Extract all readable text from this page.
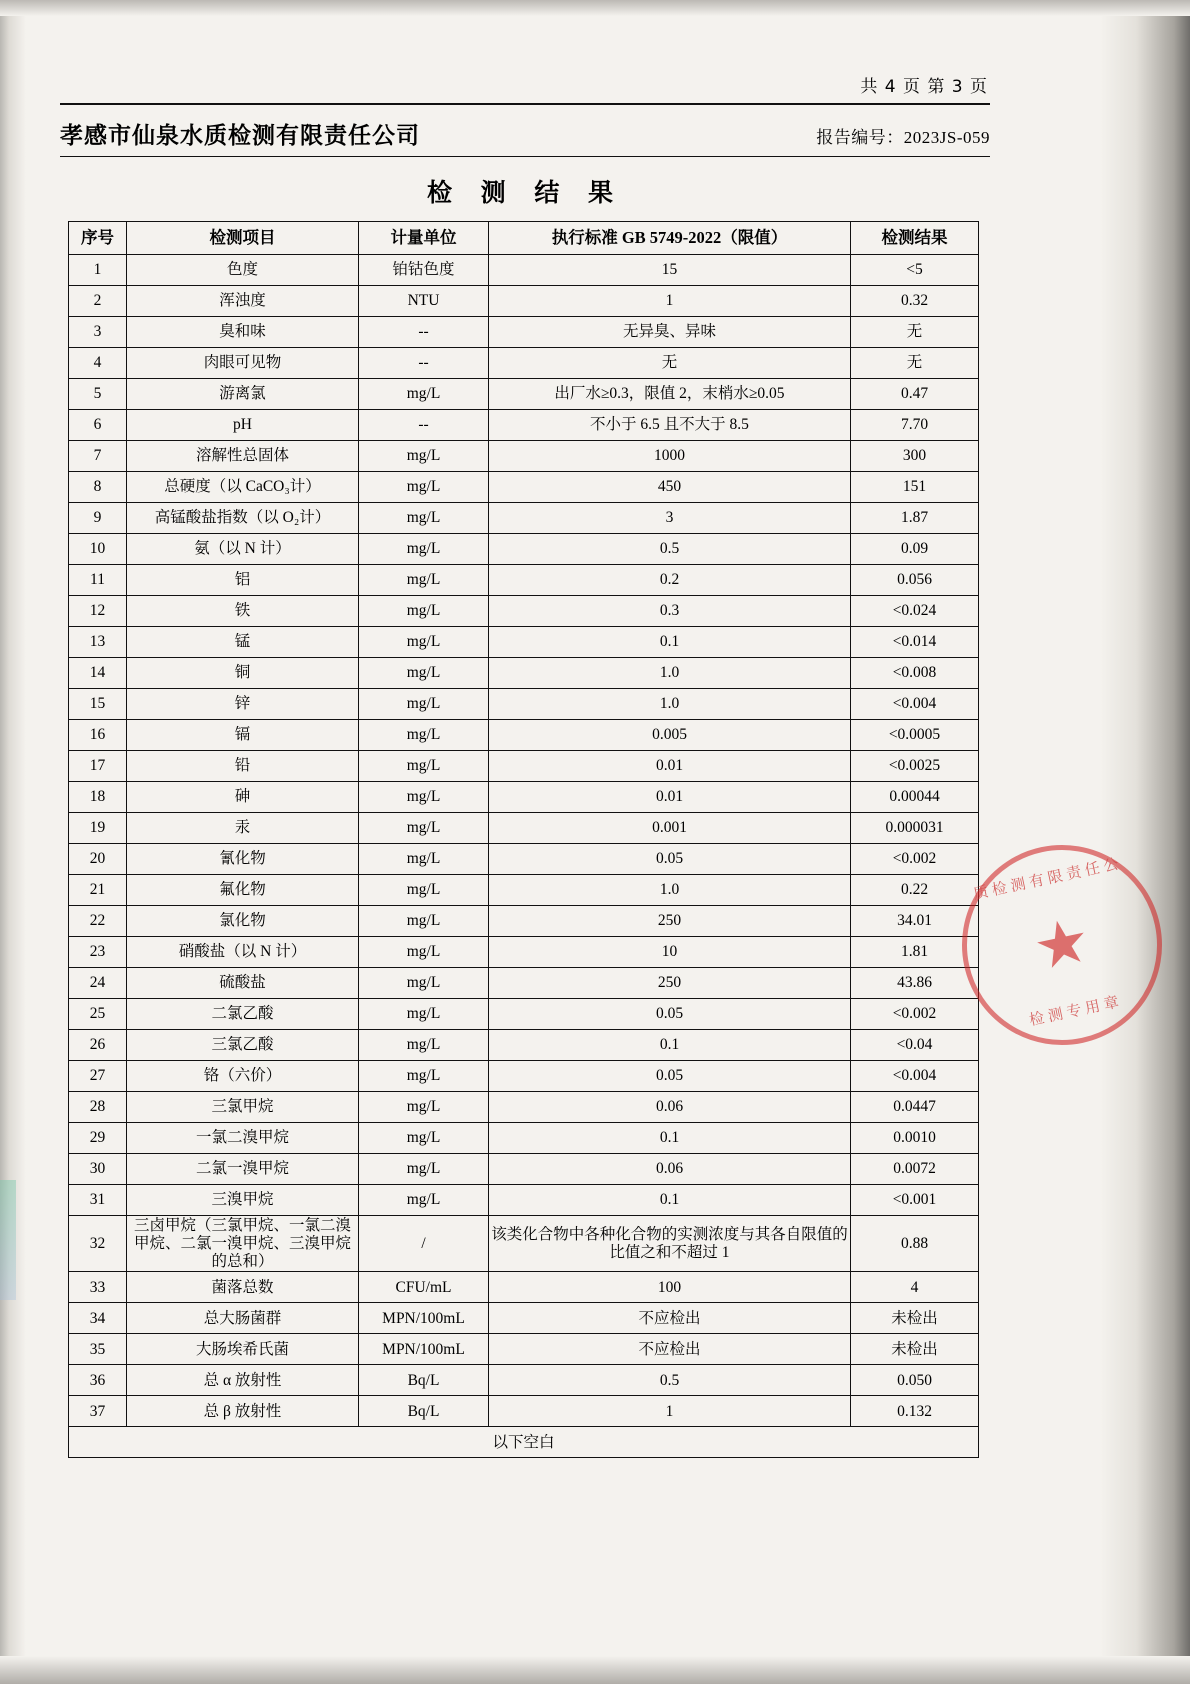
共 4 页 第 3 页
孝感市仙泉水质检测有限责任公司	报告编号：2023JS-059
检 测 结 果
序号	检测项目	计量单位	执行标准 GB 5749-2022（限值）	检测结果
1	色度	铂钴色度	15	<5
2	浑浊度	NTU	1	0.32
3	臭和味	--	无异臭、异味	无
4	肉眼可见物	--	无	无
5	游离氯	mg/L	出厂水≥0.3，限值 2，末梢水≥0.05	0.47
6	pH	--	不小于 6.5 且不大于 8.5	7.70
7	溶解性总固体	mg/L	1000	300
8	总硬度（以 CaCO₃计）	mg/L	450	151
9	高锰酸盐指数（以 O₂计）	mg/L	3	1.87
10	氨（以 N 计）	mg/L	0.5	0.09
11	铝	mg/L	0.2	0.056
12	铁	mg/L	0.3	<0.024
13	锰	mg/L	0.1	<0.014
14	铜	mg/L	1.0	<0.008
15	锌	mg/L	1.0	<0.004
16	镉	mg/L	0.005	<0.0005
17	铅	mg/L	0.01	<0.0025
18	砷	mg/L	0.01	0.00044
19	汞	mg/L	0.001	0.000031
20	氰化物	mg/L	0.05	<0.002
21	氟化物	mg/L	1.0	0.22
22	氯化物	mg/L	250	34.01
23	硝酸盐（以 N 计）	mg/L	10	1.81
24	硫酸盐	mg/L	250	43.86
25	二氯乙酸	mg/L	0.05	<0.002
26	三氯乙酸	mg/L	0.1	<0.04
27	铬（六价）	mg/L	0.05	<0.004
28	三氯甲烷	mg/L	0.06	0.0447
29	一氯二溴甲烷	mg/L	0.1	0.0010
30	二氯一溴甲烷	mg/L	0.06	0.0072
31	三溴甲烷	mg/L	0.1	<0.001
32	三卤甲烷（三氯甲烷、一氯二溴甲烷、二氯一溴甲烷、三溴甲烷的总和）	/	该类化合物中各种化合物的实测浓度与其各自限值的比值之和不超过 1	0.88
33	菌落总数	CFU/mL	100	4
34	总大肠菌群	MPN/100mL	不应检出	未检出
35	大肠埃希氏菌	MPN/100mL	不应检出	未检出
36	总 α 放射性	Bq/L	0.5	0.050
37	总 β 放射性	Bq/L	1	0.132
以下空白				
质检测有限责任公
★
检测专用章
